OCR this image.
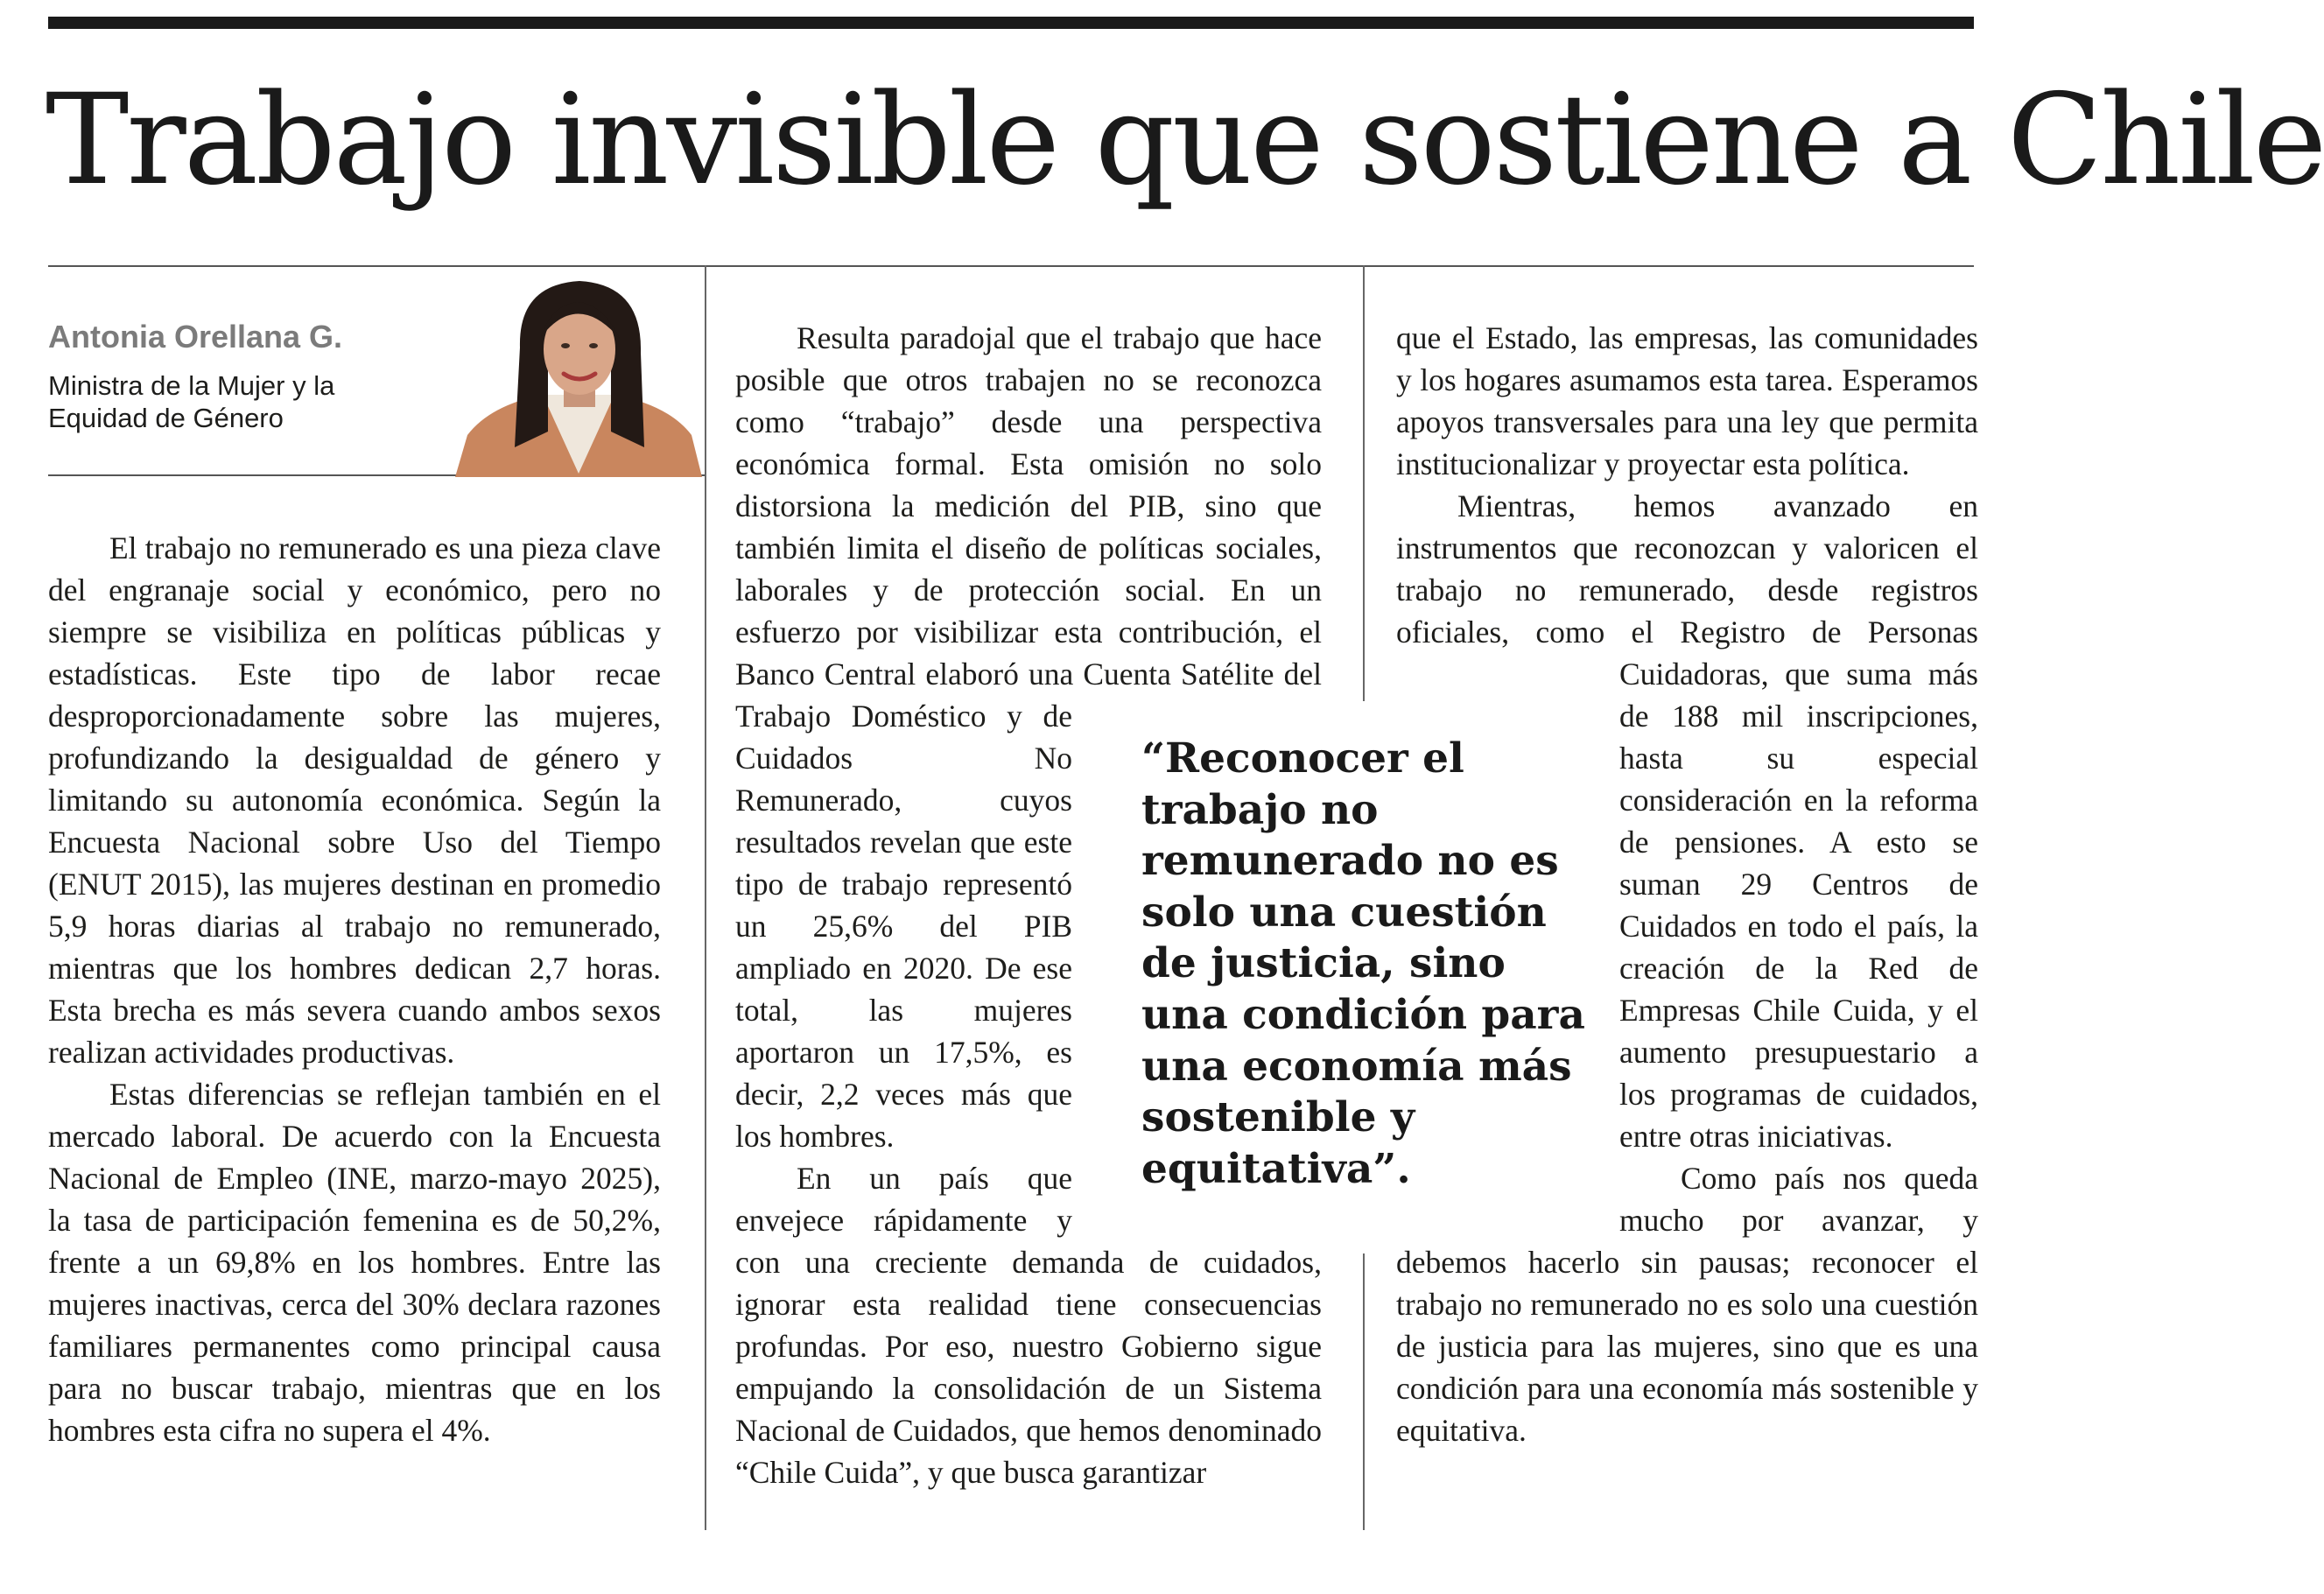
Trabajo invisible que sostiene a Chile
Antonia Orellana G.
Ministra de la Mujer y la Equidad de Género

El trabajo no remunerado es una pieza clave del engranaje social y económico, pero no siempre se visibiliza en políticas públicas y estadísticas. Este tipo de labor recae desproporcionadamente sobre las mujeres, profundizando la desigualdad de género y limitando su autonomía económica. Según la Encuesta Nacional sobre Uso del Tiempo (ENUT 2015), las mujeres destinan en promedio 5,9 horas diarias al trabajo no remunerado, mientras que los hombres dedican 2,7 horas. Esta brecha es más severa cuando ambos sexos realizan actividades productivas.

Estas diferencias se reflejan también en el mercado laboral. De acuerdo con la Encuesta Nacional de Empleo (INE, marzo-mayo 2025), la tasa de participación femenina es de 50,2%, frente a un 69,8% en los hombres. Entre las mujeres inactivas, cerca del 30% declara razones familiares permanentes como principal causa para no buscar trabajo, mientras que en los hombres esta cifra no supera el 4%.

Resulta paradojal que el trabajo que hace posible que otros trabajen no se reconozca como “trabajo” desde una perspectiva económica formal. Esta omisión no solo distorsiona la medición del PIB, sino que también limita el diseño de políticas sociales, laborales y de protección social. En un esfuerzo por visibilizar esta contribución, el Banco Central elaboró una Cuenta Satélite del Trabajo Doméstico y de Cuidados No Remunerado, cuyos resultados revelan que este tipo de trabajo representó un 25,6% del PIB ampliado en 2020. De ese total, las mujeres aportaron un 17,5%, es decir, 2,2 veces más que los hombres.

En un país que envejece rápidamente y con una creciente demanda de cuidados, ignorar esta realidad tiene consecuencias profundas. Por eso, nuestro Gobierno sigue empujando la consolidación de un Sistema Nacional de Cuidados, que hemos denominado “Chile Cuida”, y que busca garantizar

que el Estado, las empresas, las comunidades y los hogares asumamos esta tarea. Esperamos apoyos transversales para una ley que permita institucionalizar y proyectar esta política.

Mientras, hemos avanzado en instrumentos que reconozcan y valoricen el trabajo no remunerado, desde registros oficiales, como el Registro de Personas Cuidadoras, que suma más de 188 mil inscripciones, hasta su especial consideración en la reforma de pensiones. A esto se suman 29 Centros de Cuidados en todo el país, la creación de la Red de Empresas Chile Cuida, y el aumento presupuestario a los programas de cuidados, entre otras iniciativas.

Como país nos queda mucho por avanzar, y debemos hacerlo sin pausas; reconocer el trabajo no remunerado no es solo una cuestión de justicia para las mujeres, sino que es una condición para una economía más sostenible y equitativa.

“Reconocer el trabajo no remunerado no es solo una cuestión de justicia, sino una condición para una economía más sostenible y equitativa”.
